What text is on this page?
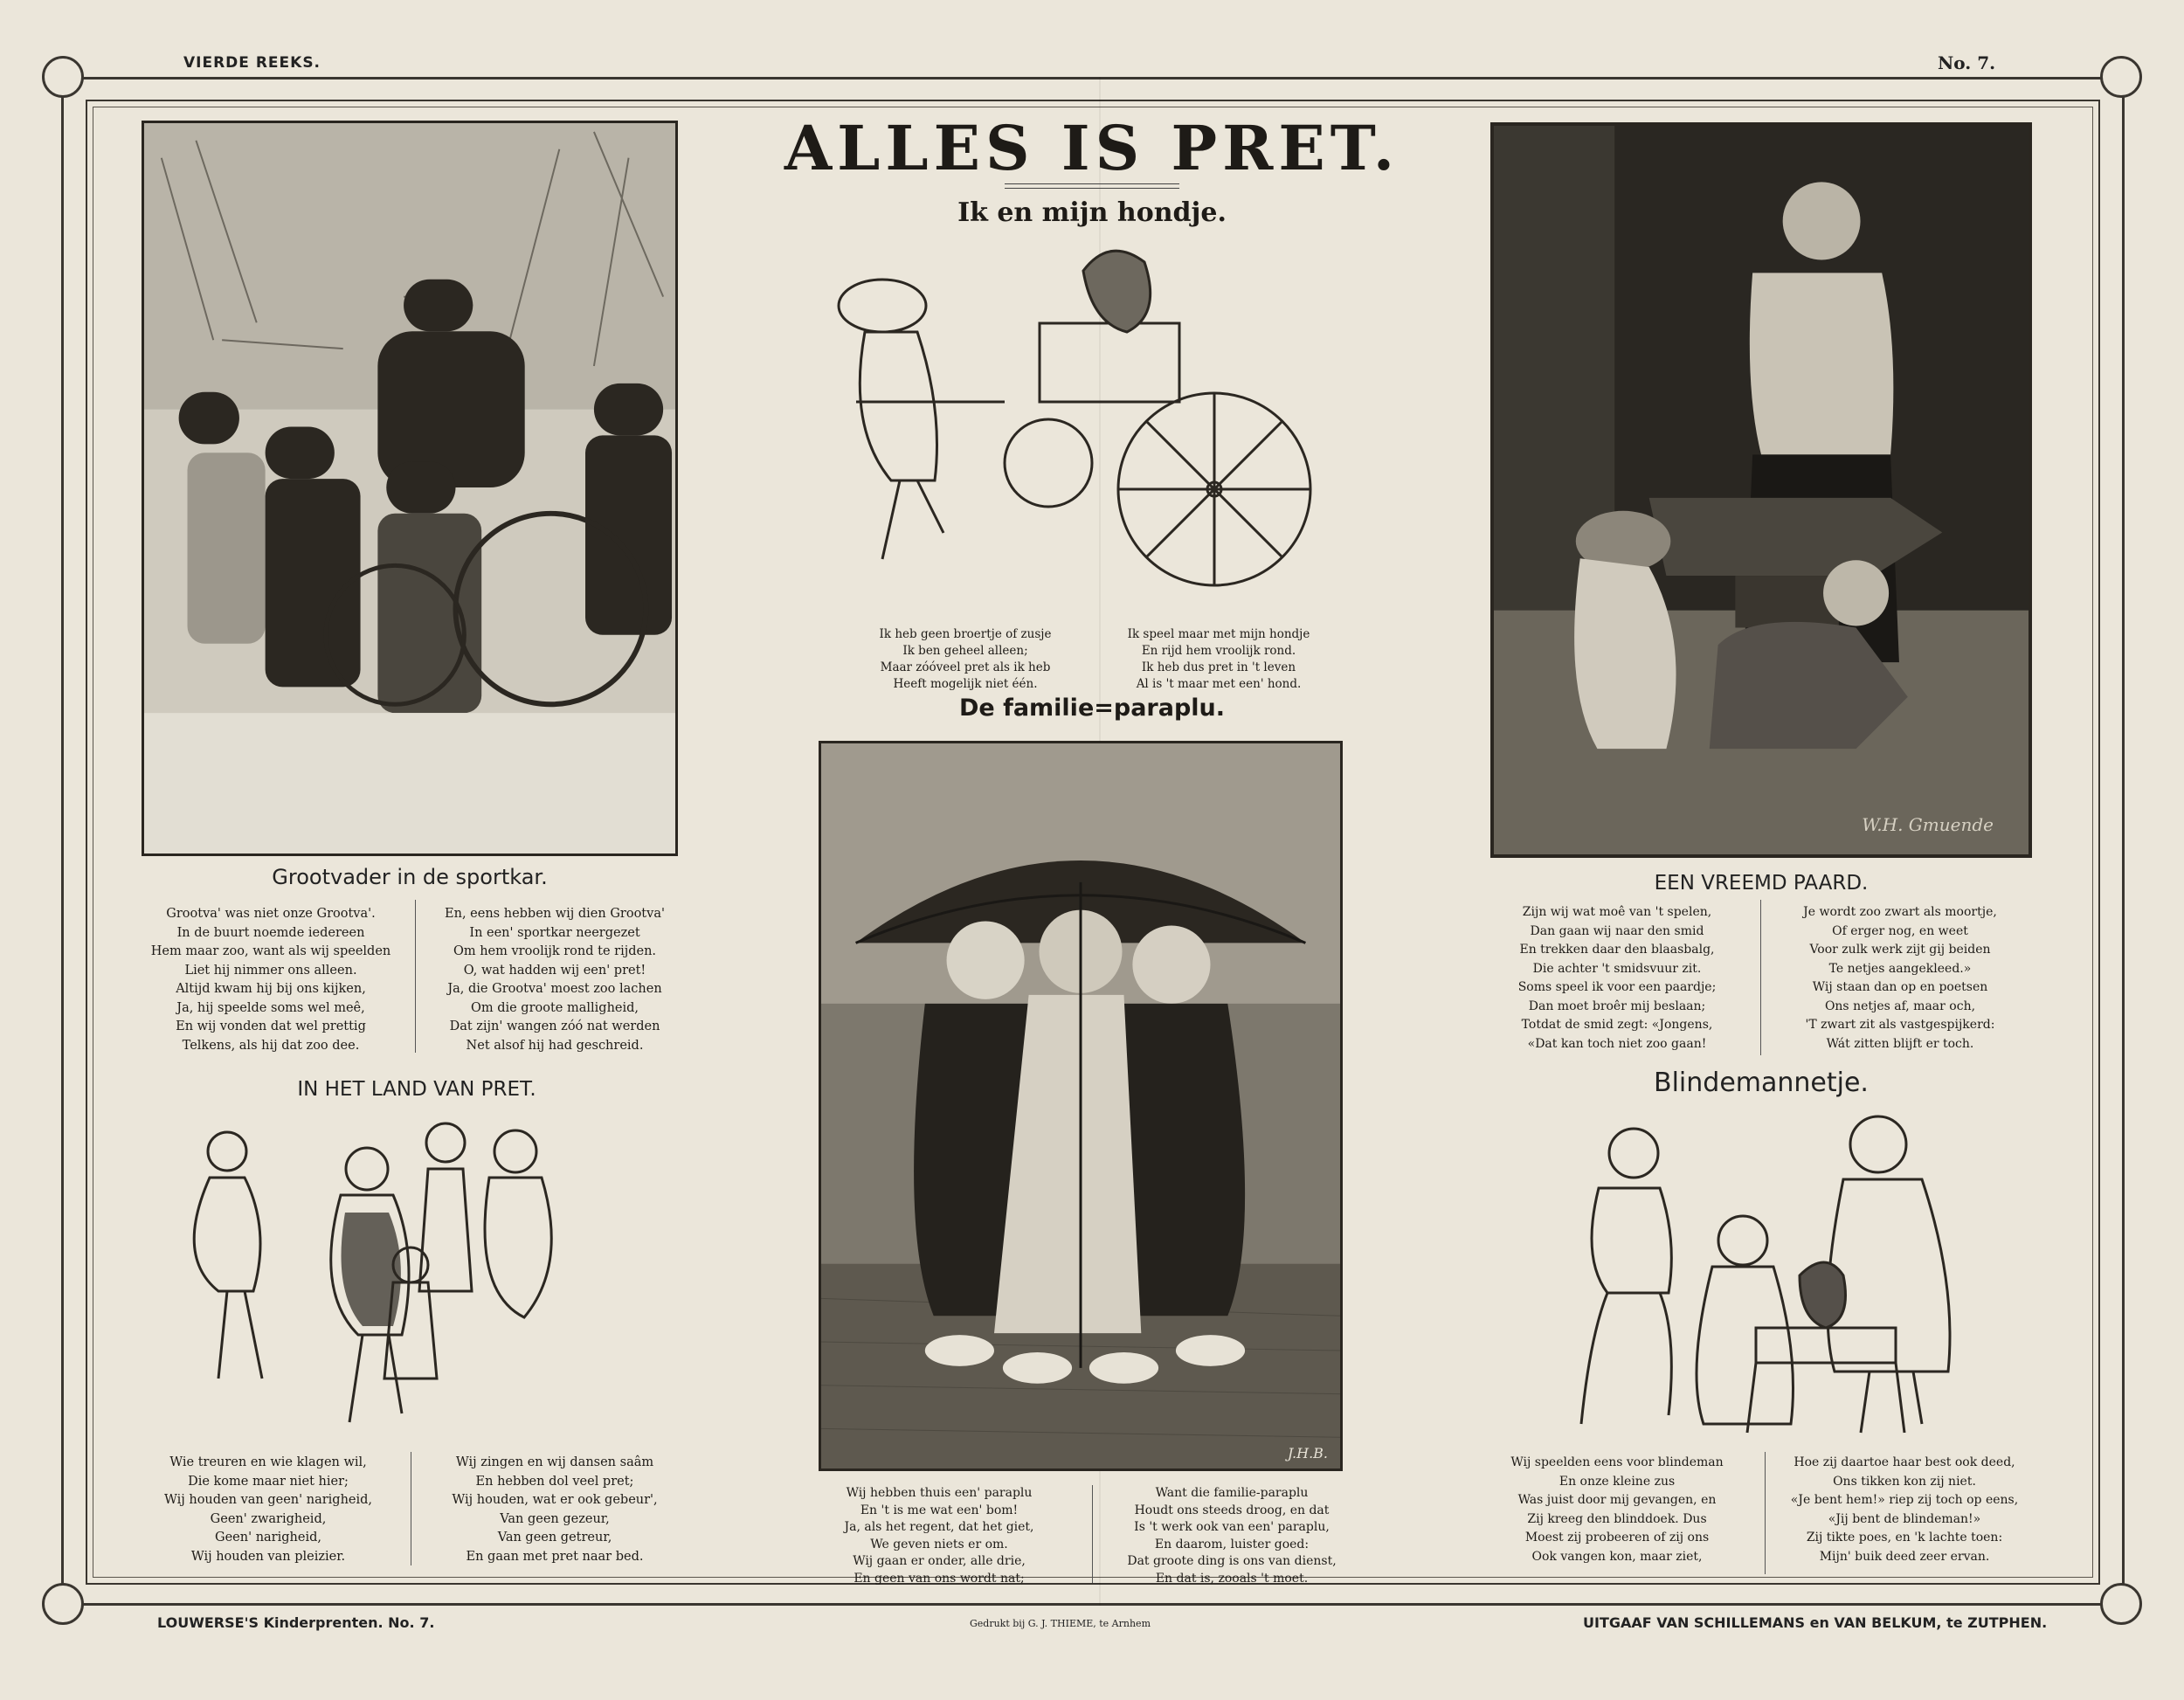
VIERDE REEKS.	No. 7.
ALLES IS PRET.
Ik en mijn hondje.
Grootvader in de sportkar.
Grootva' was niet onze Grootva'.
In de buurt noemde iedereen
Hem maar zoo, want als wij speelden
Liet hij nimmer ons alleen.
Altijd kwam hij bij ons kijken,
Ja, hij speelde soms wel meê,
En wij vonden dat wel prettig
Telkens, als hij dat zoo dee.
En, eens hebben wij dien Grootva'
In een' sportkar neergezet
Om hem vroolijk rond te rijden.
O, wat hadden wij een' pret!
Ja, die Grootva' moest zoo lachen
Om die groote malligheid,
Dat zijn' wangen zóó nat werden
Net alsof hij had geschreid.
IN HET LAND VAN PRET.
Wie treuren en wie klagen wil,
Die kome maar niet hier;
Wij houden van geen' narigheid,
Geen' zwarigheid,
Geen' narigheid,
Wij houden van pleizier.
Wij zingen en wij dansen saâm
En hebben dol veel pret;
Wij houden, wat er ook gebeur',
Van geen gezeur,
Van geen getreur,
En gaan met pret naar bed.
Ik heb geen broertje of zusje
Ik ben geheel alleen;
Maar zóóveel pret als ik heb
Heeft mogelijk niet één.
Ik speel maar met mijn hondje
En rijd hem vroolijk rond.
Ik heb dus pret in 't leven
Al is 't maar met een' hond.
De familie=paraplu.
J.H.B.
Wij hebben thuis een' paraplu
En 't is me wat een' bom!
Ja, als het regent, dat het giet,
We geven niets er om.
Wij gaan er onder, alle drie,
En geen van ons wordt nat;
Want die familie-paraplu
Houdt ons steeds droog, en dat
Is 't werk ook van een' paraplu,
En daarom, luister goed:
Dat groote ding is ons van dienst,
En dat is, zooals 't moet.
W.H. Gmuende
EEN VREEMD PAARD.
Zijn wij wat moê van 't spelen,
Dan gaan wij naar den smid
En trekken daar den blaasbalg,
Die achter 't smidsvuur zit.
Soms speel ik voor een paardje;
Dan moet broêr mij beslaan;
Totdat de smid zegt: «Jongens,
«Dat kan toch niet zoo gaan!
Je wordt zoo zwart als moortje,
Of erger nog, en weet
Voor zulk werk zijt gij beiden
Te netjes aangekleed.»
Wij staan dan op en poetsen
Ons netjes af, maar och,
'T zwart zit als vastgespijkerd:
Wát zitten blijft er toch.
Blindemannetje.
Wij speelden eens voor blindeman
En onze kleine zus
Was juist door mij gevangen, en
Zij kreeg den blinddoek. Dus
Moest zij probeeren of zij ons
Ook vangen kon, maar ziet,
Hoe zij daartoe haar best ook deed,
Ons tikken kon zij niet.
«Je bent hem!» riep zij toch op eens,
«Jij bent de blindeman!»
Zij tikte poes, en 'k lachte toen:
Mijn' buik deed zeer ervan.
LOUWERSE'S Kinderprenten. No. 7.	Gedrukt bij G. J. THIEME, te Arnhem	UITGAAF VAN SCHILLEMANS en VAN BELKUM, te ZUTPHEN.
